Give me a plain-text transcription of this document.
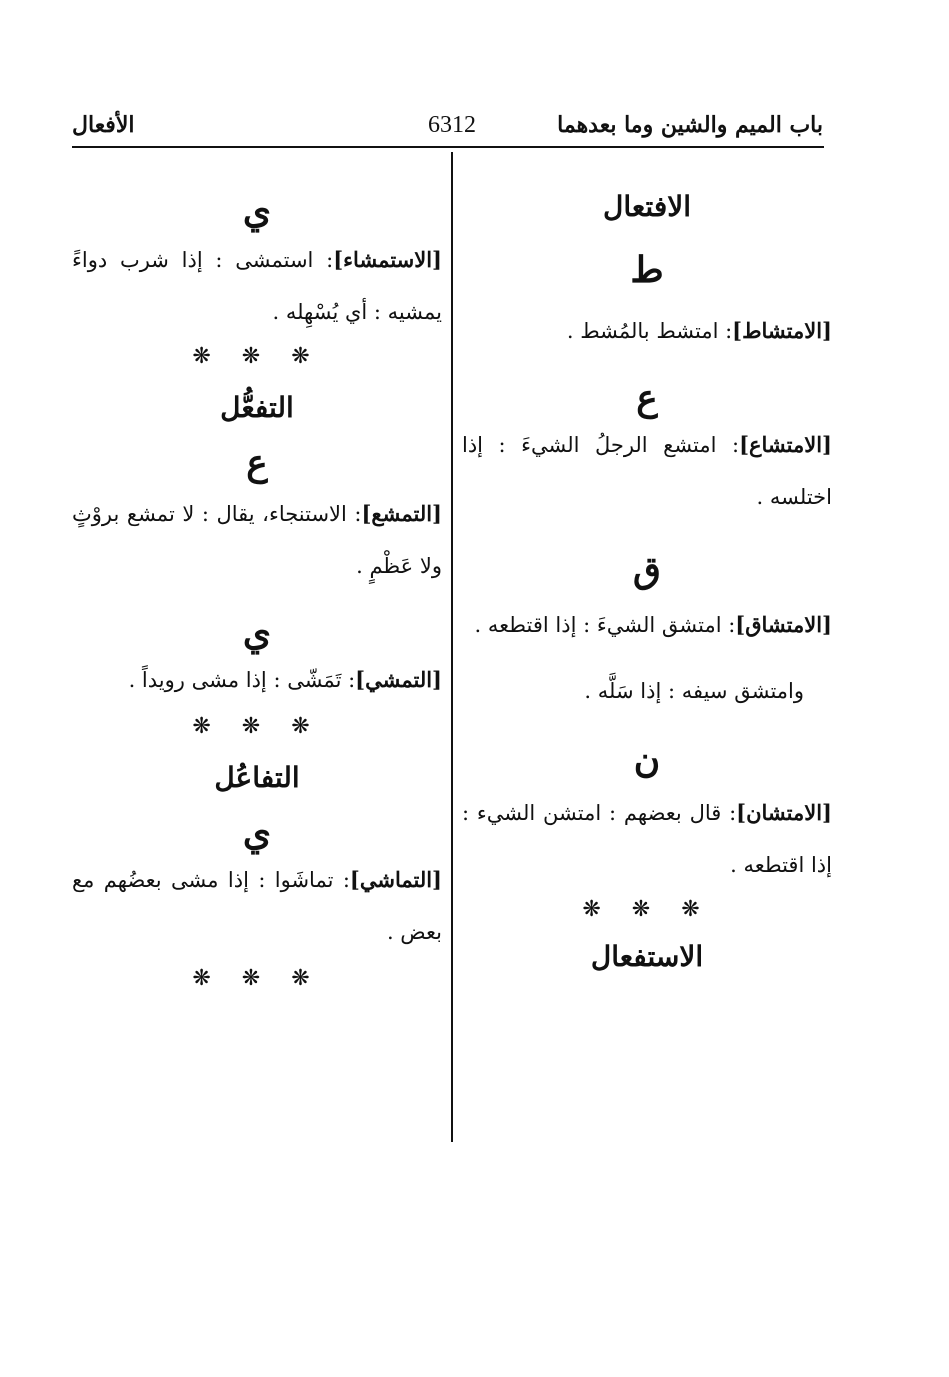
باب الميم والشين وما بعدهما
6312
الأفعال

الافتعال

ط

[الامتشاط]: امتشط بالمُشط .

ع

[الامتشاع]: امتشع الرجلُ الشيءَ : إذا اختلسه .

ق

[الامتشاق]: امتشق الشيءَ : إذا اقتطعه .

وامتشق سيفه : إذا سَلَّه .

ن

[الامتشان]: قال بعضهم : امتشن الشيء : إذا اقتطعه .

❋ ❋ ❋

الاستفعال

ي

[الاستمشاء]: استمشى : إذا شرب دواءً يمشيه : أي يُسْهِله .

❋ ❋ ❋

التفعُّل

ع

[التمشع]: الاستنجاء، يقال : لا تمشع بروْثٍ ولا عَظْمٍ .

ي

[التمشي]: تَمَشّى : إذا مشى رويداً .

❋ ❋ ❋

التفاعُل

ي

[التماشي]: تماشَوا : إذا مشى بعضُهم مع بعض .

❋ ❋ ❋
